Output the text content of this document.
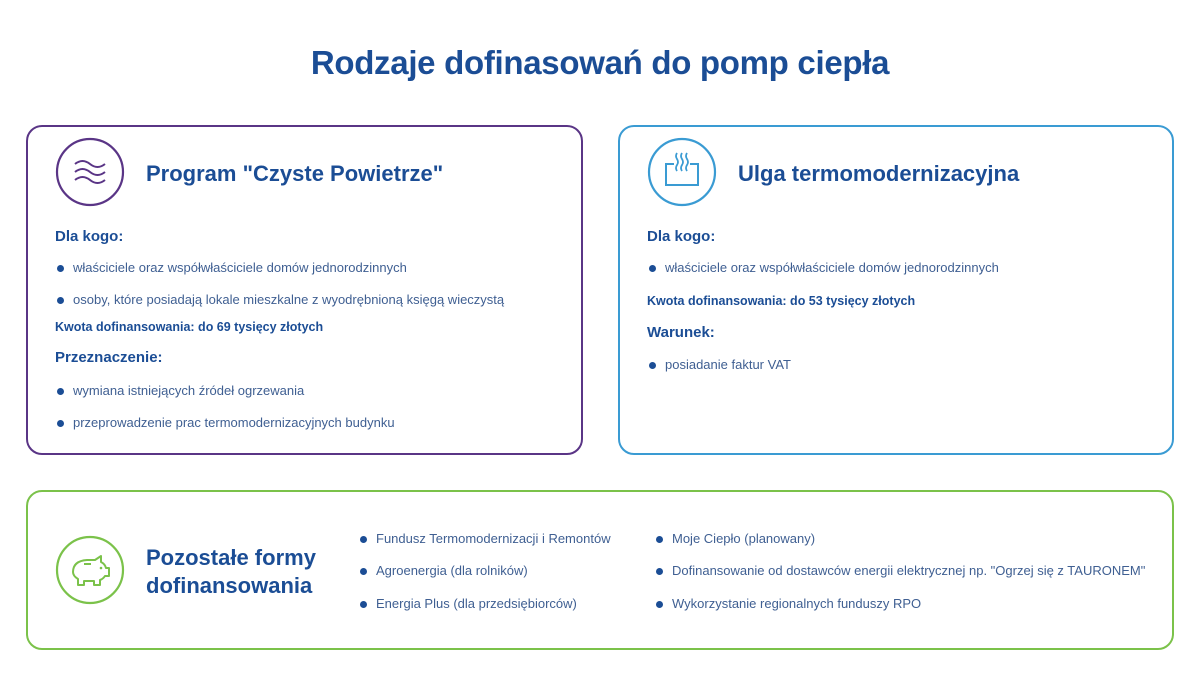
Rodzaje dofinasowań do pomp ciepła
Program "Czyste Powietrze"
Dla kogo:
właściciele oraz współwłaściciele domów jednorodzinnych
osoby, które posiadają lokale mieszkalne z wyodrębnioną księgą wieczystą
Kwota dofinansowania: do 69 tysięcy złotych
Przeznaczenie:
wymiana istniejących źródeł ogrzewania
przeprowadzenie prac termomodernizacyjnych budynku
Ulga termomodernizacyjna
Dla kogo:
właściciele oraz współwłaściciele domów jednorodzinnych
Kwota dofinansowania: do 53 tysięcy złotych
Warunek:
posiadanie faktur VAT
Pozostałe formy
dofinansowania
Fundusz Termomodernizacji i Remontów
Agroenergia (dla rolników)
Energia Plus (dla przedsiębiorców)
Moje Ciepło (planowany)
Dofinansowanie od dostawców energii elektrycznej np. "Ogrzej się z TAURONEM"
Wykorzystanie regionalnych funduszy RPO
